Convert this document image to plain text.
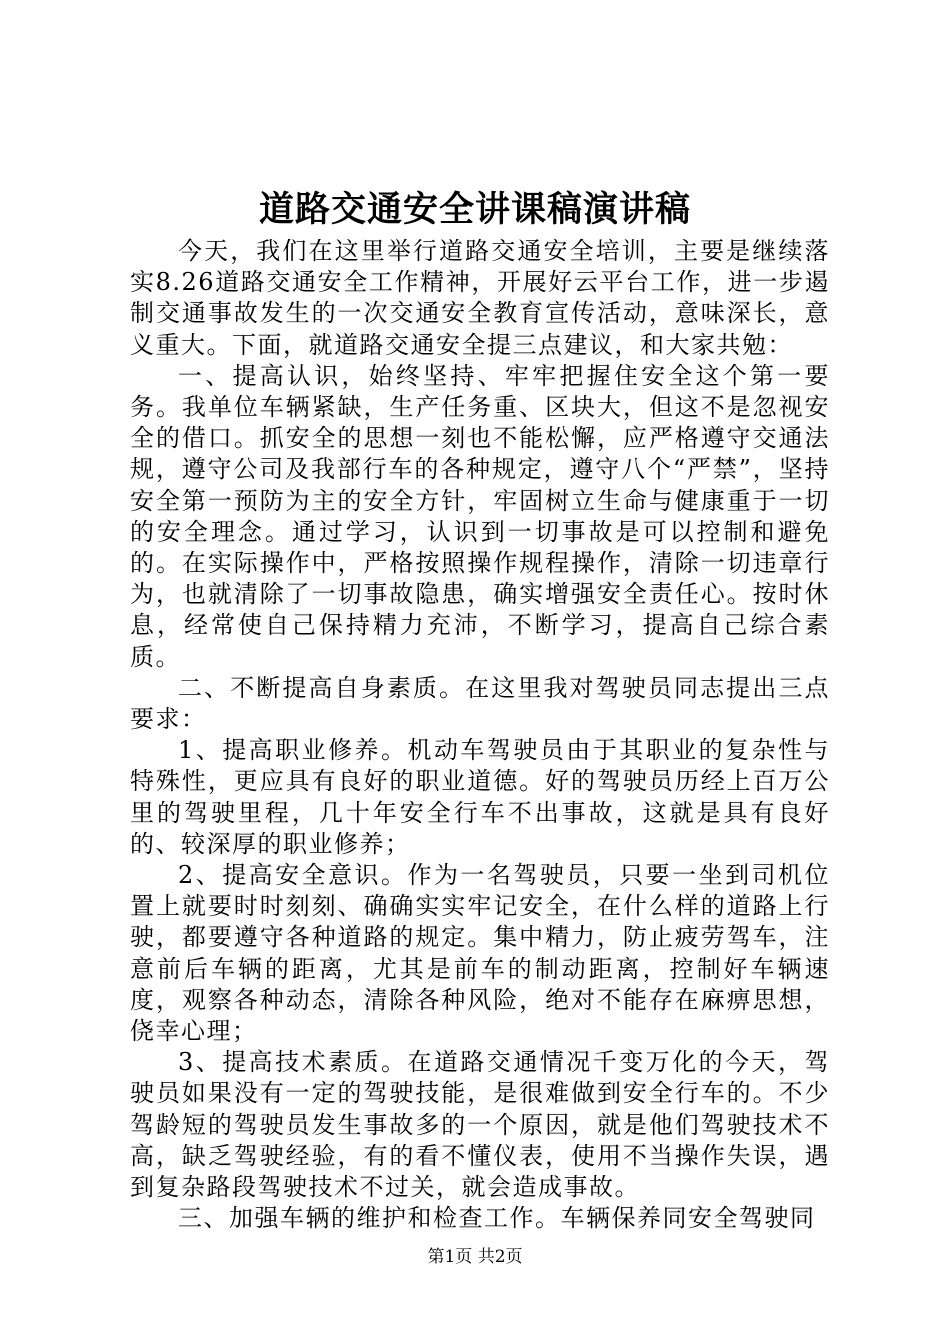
道路交通安全讲课稿演讲稿

今天，我们在这里举行道路交通安全培训，主要是继续落实8.26道路交通安全工作精神，开展好云平台工作，进一步遏制交通事故发生的一次交通安全教育宣传活动，意味深长，意义重大。下面，就道路交通安全提三点建议，和大家共勉：

一、提高认识，始终坚持、牢牢把握住安全这个第一要务。我单位车辆紧缺，生产任务重、区块大，但这不是忽视安全的借口。抓安全的思想一刻也不能松懈，应严格遵守交通法规，遵守公司及我部行车的各种规定，遵守八个“严禁”，坚持安全第一预防为主的安全方针，牢固树立生命与健康重于一切的安全理念。通过学习，认识到一切事故是可以控制和避免的。在实际操作中，严格按照操作规程操作，清除一切违章行为，也就清除了一切事故隐患，确实增强安全责任心。按时休息，经常使自己保持精力充沛，不断学习，提高自己综合素质。

二、不断提高自身素质。在这里我对驾驶员同志提出三点要求：

1、提高职业修养。机动车驾驶员由于其职业的复杂性与特殊性，更应具有良好的职业道德。好的驾驶员历经上百万公里的驾驶里程，几十年安全行车不出事故，这就是具有良好的、较深厚的职业修养；

2、提高安全意识。作为一名驾驶员，只要一坐到司机位置上就要时时刻刻、确确实实牢记安全，在什么样的道路上行驶，都要遵守各种道路的规定。集中精力，防止疲劳驾车，注意前后车辆的距离，尤其是前车的制动距离，控制好车辆速度，观察各种动态，清除各种风险，绝对不能存在麻痹思想，侥幸心理；

3、提高技术素质。在道路交通情况千变万化的今天，驾驶员如果没有一定的驾驶技能，是很难做到安全行车的。不少驾龄短的驾驶员发生事故多的一个原因，就是他们驾驶技术不高，缺乏驾驶经验，有的看不懂仪表，使用不当操作失误，遇到复杂路段驾驶技术不过关，就会造成事故。

三、加强车辆的维护和检查工作。车辆保养同安全驾驶同

第1页 共2页
